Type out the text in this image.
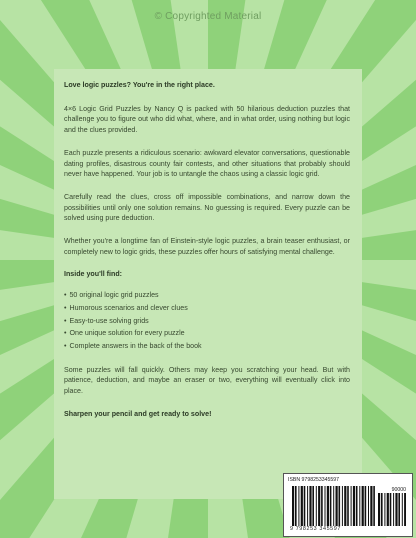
© Copyrighted Material

Love logic puzzles? You're in the right place.

4×6 Logic Grid Puzzles by Nancy Q is packed with 50 hilarious deduction puzzles that challenge you to figure out who did what, where, and in what order, using nothing but logic and the clues provided.

Each puzzle presents a ridiculous scenario: awkward elevator conversations, questionable dating profiles, disastrous county fair contests, and other situations that probably should never have happened. Your job is to untangle the chaos using a classic logic grid.

Carefully read the clues, cross off impossible combinations, and narrow down the possibilities until only one solution remains. No guessing is required. Every puzzle can be solved using pure deduction.

Whether you're a longtime fan of Einstein-style logic puzzles, a brain teaser enthusiast, or completely new to logic grids, these puzzles offer hours of satisfying mental challenge.

Inside you'll find:

• 50 original logic grid puzzles
• Humorous scenarios and clever clues
• Easy-to-use solving grids
• One unique solution for every puzzle
• Complete answers in the back of the book

Some puzzles will fall quickly. Others may keep you scratching your head. But with patience, deduction, and maybe an eraser or two, everything will eventually click into place.

Sharpen your pencil and get ready to solve!

ISBN 9798253345597
90000
9 798253 345597
